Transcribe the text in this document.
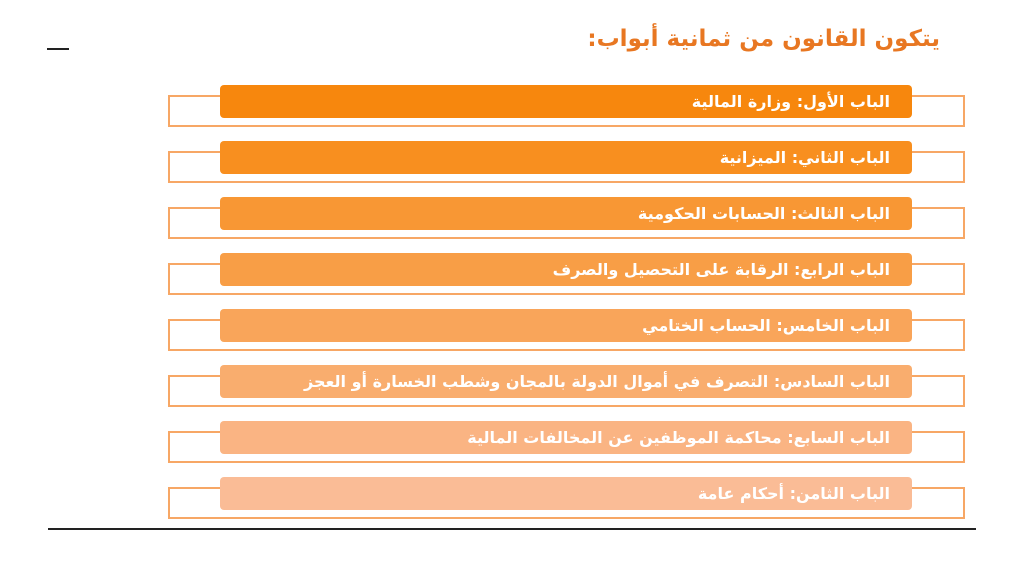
يتكون القانون من ثمانية أبواب:
الباب الأول: وزارة المالية
الباب الثاني: الميزانية
الباب الثالث: الحسابات الحكومية
الباب الرابع: الرقابة على التحصيل والصرف
الباب الخامس: الحساب الختامي
الباب السادس: التصرف في أموال الدولة بالمجان وشطب الخسارة أو العجز
الباب السابع: محاكمة الموظفين عن المخالفات المالية
الباب الثامن: أحكام عامة
